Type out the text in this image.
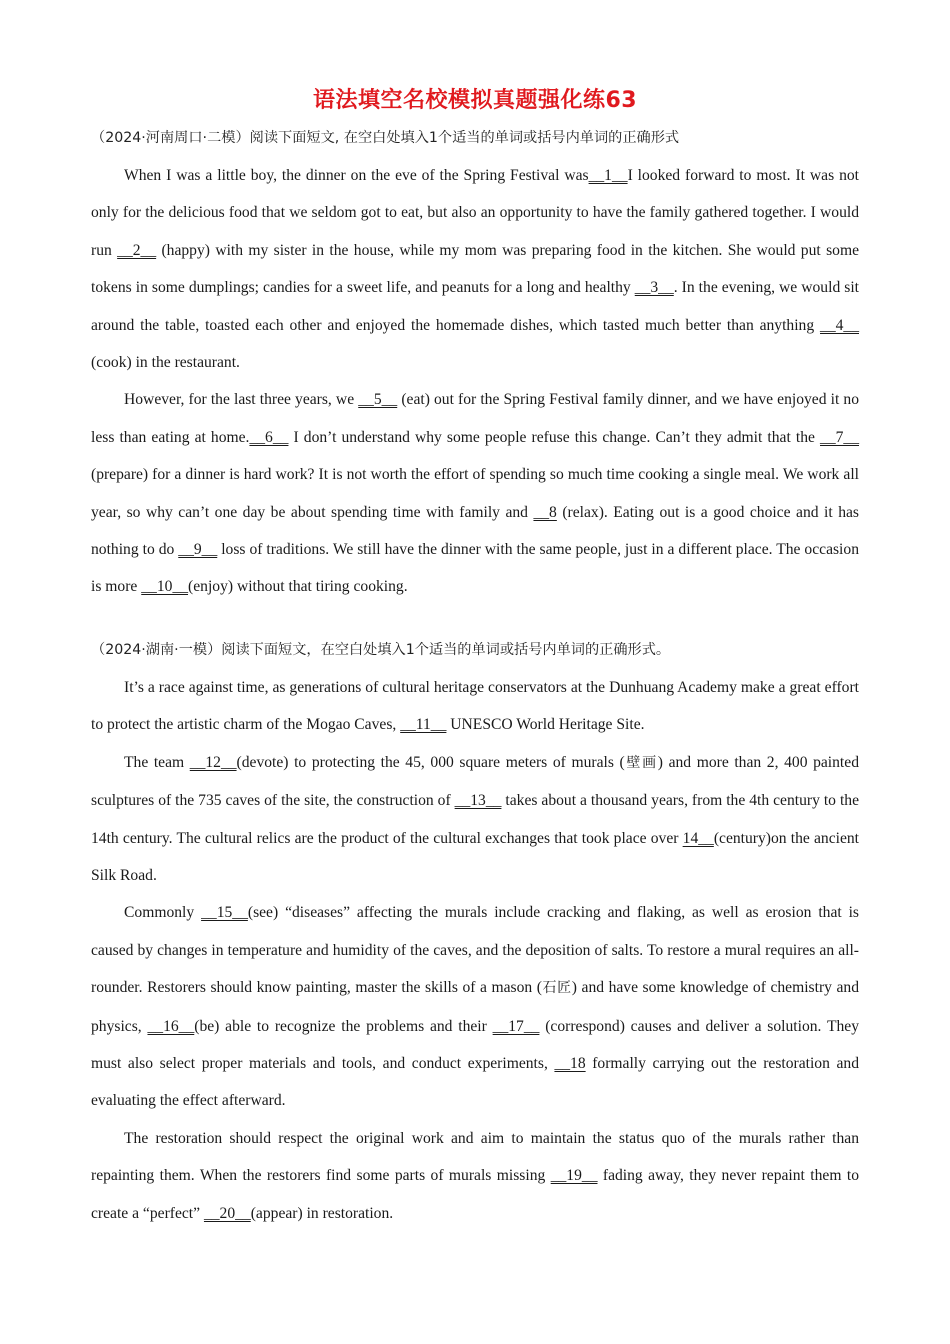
语法填空名校模拟真题强化练63
（2024·河南周口·二模）阅读下面短文, 在空白处填入1个适当的单词或括号内单词的正确形式

When I was a little boy, the dinner on the eve of the Spring Festival was__1__I looked forward to most. It was not only for the delicious food that we seldom got to eat, but also an opportunity to have the family gathered together. I would run __2__ (happy) with my sister in the house, while my mom was preparing food in the kitchen. She would put some tokens in some dumplings; candies for a sweet life, and peanuts for a long and healthy __3__. In the evening, we would sit around the table, toasted each other and enjoyed the homemade dishes, which tasted much better than anything __4__ (cook) in the restaurant.

However, for the last three years, we __5__ (eat) out for the Spring Festival family dinner, and we have enjoyed it no less than eating at home.__6__ I don’t understand why some people refuse this change. Can’t they admit that the __7__ (prepare) for a dinner is hard work? It is not worth the effort of spending so much time cooking a single meal. We work all year, so why can’t one day be about spending time with family and __8 (relax). Eating out is a good choice and it has nothing to do __9__ loss of traditions. We still have the dinner with the same people, just in a different place. The occasion is more __10__(enjoy) without that tiring cooking.

（2024·湖南·一模）阅读下面短文，在空白处填入1个适当的单词或括号内单词的正确形式。

It’s a race against time, as generations of cultural heritage conservators at the Dunhuang Academy make a great effort to protect the artistic charm of the Mogao Caves, __11__ UNESCO World Heritage Site.

The team __12__(devote) to protecting the 45, 000 square meters of murals (壁画) and more than 2, 400 painted sculptures of the 735 caves of the site, the construction of __13__ takes about a thousand years, from the 4th century to the 14th century. The cultural relics are the product of the cultural exchanges that took place over 14__(century)on the ancient Silk Road.

Commonly __15__(see) “diseases” affecting the murals include cracking and flaking, as well as erosion that is caused by changes in temperature and humidity of the caves, and the deposition of salts. To restore a mural requires an all-rounder. Restorers should know painting, master the skills of a mason (石匠) and have some knowledge of chemistry and physics, __16__(be) able to recognize the problems and their __17__ (correspond) causes and deliver a solution. They must also select proper materials and tools, and conduct experiments, __18 formally carrying out the restoration and evaluating the effect afterward.

The restoration should respect the original work and aim to maintain the status quo of the murals rather than repainting them. When the restorers find some parts of murals missing __19__ fading away, they never repaint them to create a “perfect” __20__(appear) in restoration.
